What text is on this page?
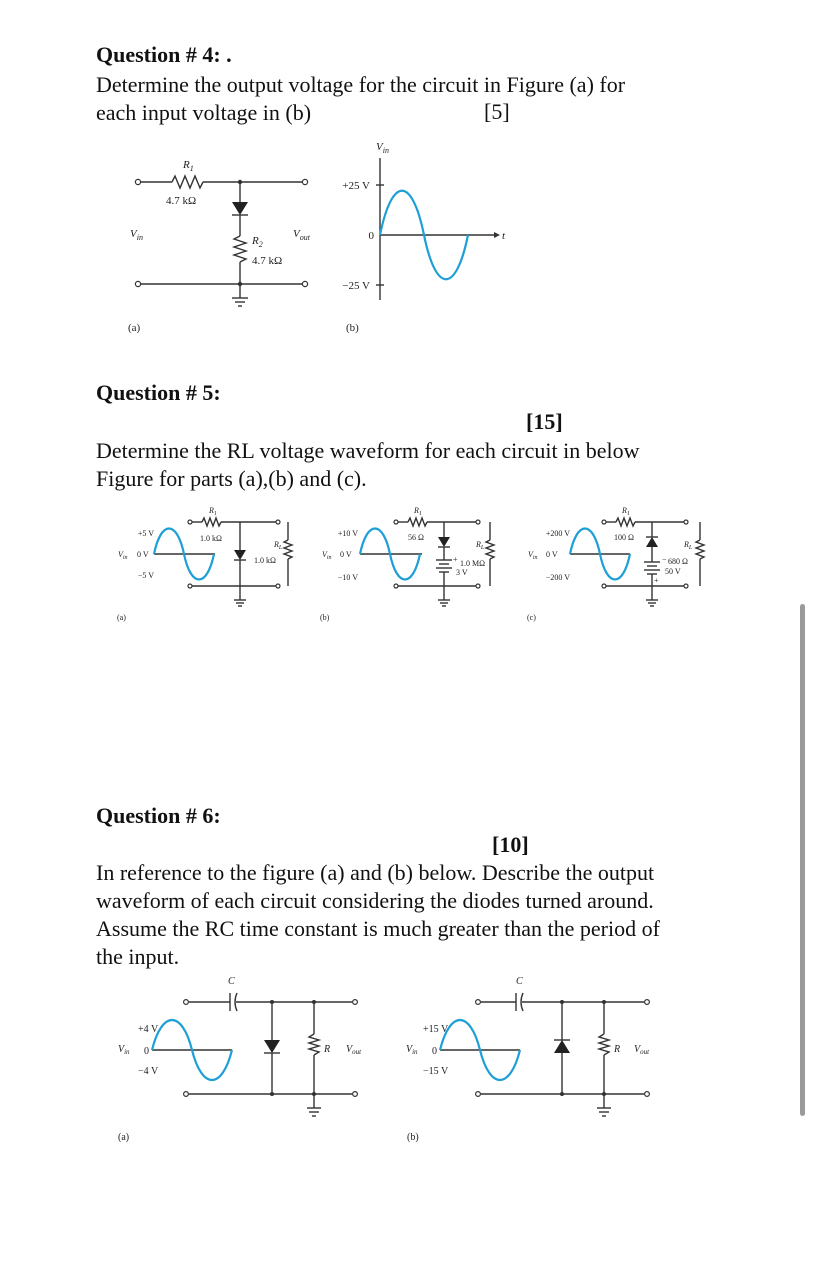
Question # 4: .
Determine the output voltage for the circuit in Figure (a) for
each input voltage in (b)	[5]
$R_1$
4.7 kΩ
$R_2$
4.7 kΩ
$V_{in}$	$V_{out}$
(a)
$V_{in}$
+25 V
0
−25 V
t
(b)
Question # 5:
[15]
Determine the RL voltage waveform for each circuit in below
Figure for parts (a),(b) and (c).
+5 V
$V_{in}$ 0 V
−5 V
$R_1$
1.0 kΩ
$R_L$
1.0 kΩ
(a)
+10 V
$V_{in}$ 0 V
−10 V
$R_1$
56 Ω
+
3 V
$R_L$
1.0 MΩ
(b)
+200 V
$V_{in}$ 0 V
−200 V
$R_1$
100 Ω
−
50 V
+
$R_L$
680 Ω
(c)
Question # 6:
[10]
In reference to the figure (a) and (b) below. Describe the output
waveform of each circuit considering the diodes turned around.
Assume the RC time constant is much greater than the period of
the input.
C
R $V_{out}$
+4 V
$V_{in}$ 0
−4 V
(a)
C
R $V_{out}$
+15 V
$V_{in}$ 0
−15 V
(b)
